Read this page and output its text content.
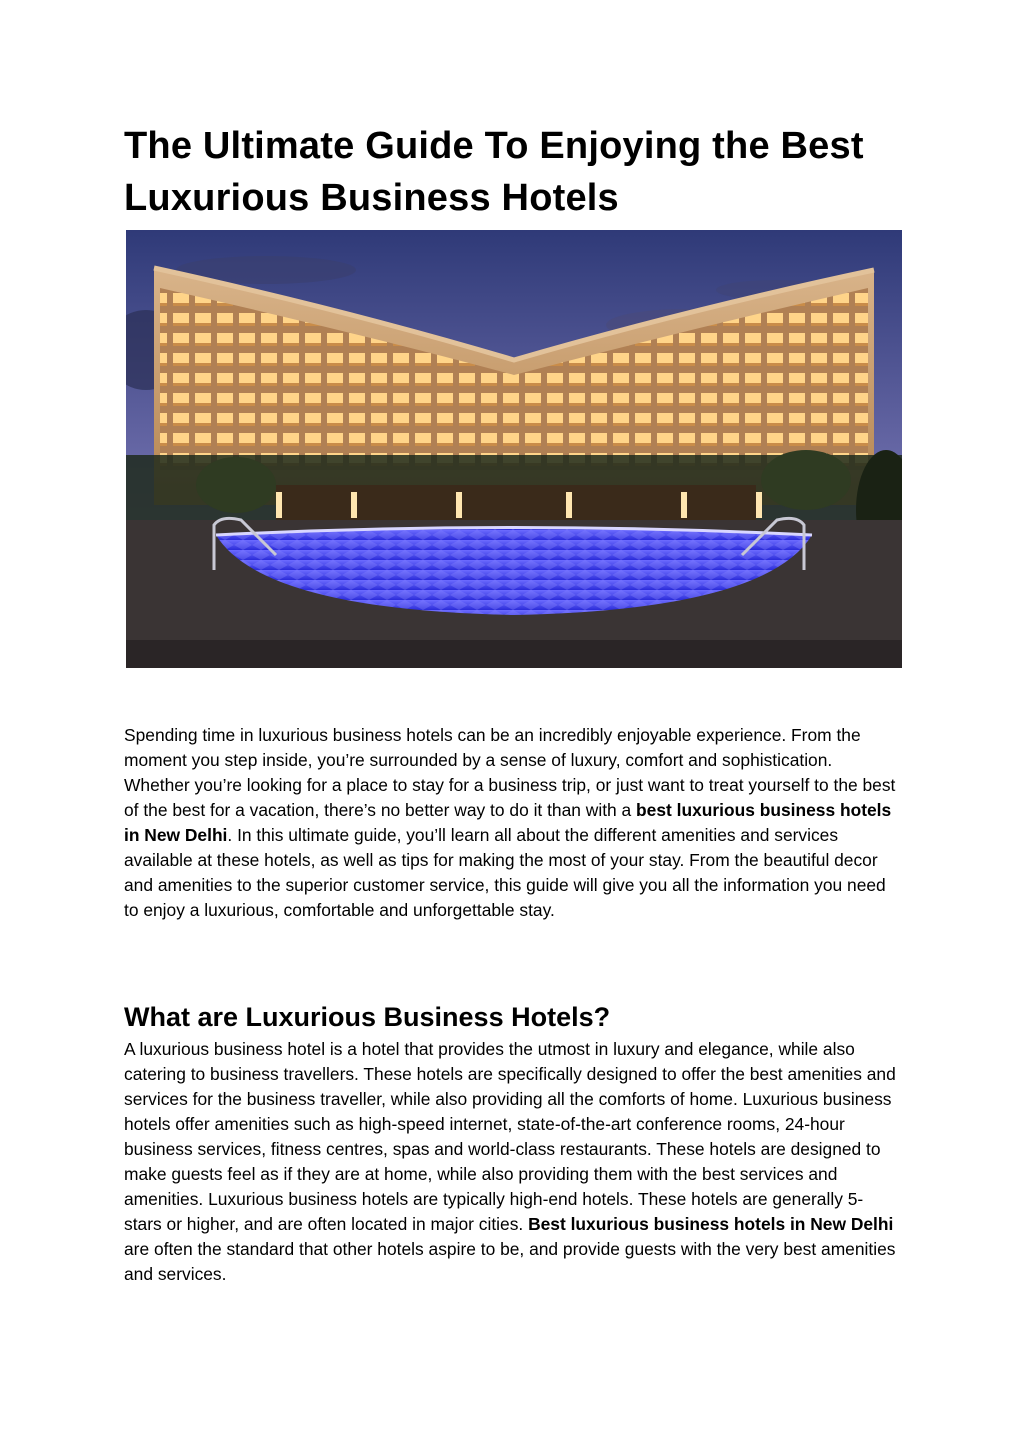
The Ultimate Guide To Enjoying the Best
Luxurious Business Hotels

Spending time in luxurious business hotels can be an incredibly enjoyable experience. From the moment you step inside, you’re surrounded by a sense of luxury, comfort and sophistication. Whether you’re looking for a place to stay for a business trip, or just want to treat yourself to the best of the best for a vacation, there’s no better way to do it than with a best luxurious business hotels in New Delhi. In this ultimate guide, you’ll learn all about the different amenities and services available at these hotels, as well as tips for making the most of your stay. From the beautiful decor and amenities to the superior customer service, this guide will give you all the information you need to enjoy a luxurious, comfortable and unforgettable stay.

What are Luxurious Business Hotels?

A luxurious business hotel is a hotel that provides the utmost in luxury and elegance, while also catering to business travellers. These hotels are specifically designed to offer the best amenities and services for the business traveller, while also providing all the comforts of home. Luxurious business hotels offer amenities such as high-speed internet, state-of-the-art conference rooms, 24-hour business services, fitness centres, spas and world-class restaurants. These hotels are designed to make guests feel as if they are at home, while also providing them with the best services and amenities. Luxurious business hotels are typically high-end hotels. These hotels are generally 5-stars or higher, and are often located in major cities. Best luxurious business hotels in New Delhi are often the standard that other hotels aspire to be, and provide guests with the very best amenities and services.
